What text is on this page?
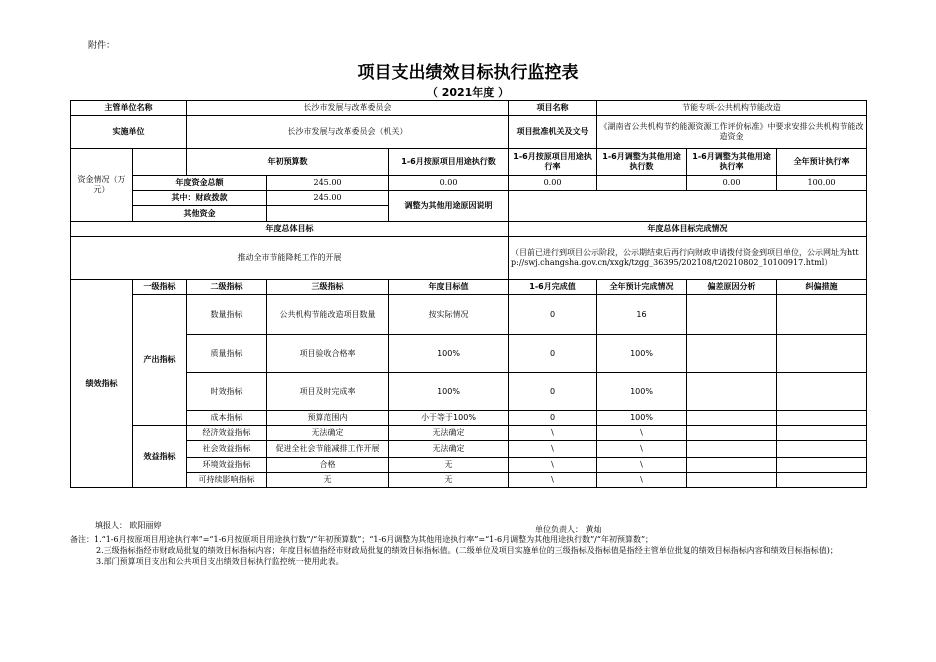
附件：
项目支出绩效目标执行监控表
（ 2021年度 ）
主管单位名称		长沙市发展与改革委员会			项目名称	节能专项-公共机构节能改造		
实施单位		长沙市发展与改革委员会（机关）			项目批准机关及文号	《湖南省公共机构节约能源资源工作评价标准》中要求安排公共机构节能改造资金		
资金情况（万元）		年初预算数		1-6月按原项目用途执行数	1-6月按原项目用途执行率	1-6月调整为其他用途执行数	1-6月调整为其他用途执行率	全年预计执行率
	年度资金总额		245.00	0.00	0.00		0.00	100.00
	其中：财政拨款		245.00	调整为其他用途原因说明				
	其他资金							
年度总体目标					年度总体目标完成情况			
推动全市节能降耗工作的开展					（目前已进行到项目公示阶段，公示期结束后再行向财政申请拨付资金到项目单位，公示网址为http://swj.changsha.gov.cn/xxgk/tzgg_36395/202108/t20210802_10100917.html）			
绩效指标	一级指标	二级指标	三级指标	年度目标值	1-6月完成值	全年预计完成情况	偏差原因分析	纠偏措施
	产出指标	数量指标	公共机构节能改造项目数量	按实际情况	0	16		
		质量指标	项目验收合格率	100%	0	100%		
		时效指标	项目及时完成率	100%	0	100%		
		成本指标	预算范围内	小于等于100%	0	100%		
	效益指标	经济效益指标	无法确定	无法确定	\	\		
		社会效益指标	促进全社会节能减排工作开展	无法确定	\	\		
		环境效益指标	合格	无	\	\		
		可持续影响指标	无	无	\	\		
填报人： 欧阳丽婷	单位负责人： 黄灿
备注：1.“1-6月按原项目用途执行率”=“1-6月按原项目用途执行数”/“年初预算数”；“1-6月调整为其他用途执行率”=“1-6月调整为其他用途执行数”/“年初预算数”；
2.三级指标指经市财政局批复的绩效目标指标内容；年度目标值指经市财政局批复的绩效目标指标值。(二级单位及项目实施单位的三级指标及指标值是指经主管单位批复的绩效目标指标内容和绩效目标指标值)；
3.部门预算项目支出和公共项目支出绩效目标执行监控统一使用此表。
